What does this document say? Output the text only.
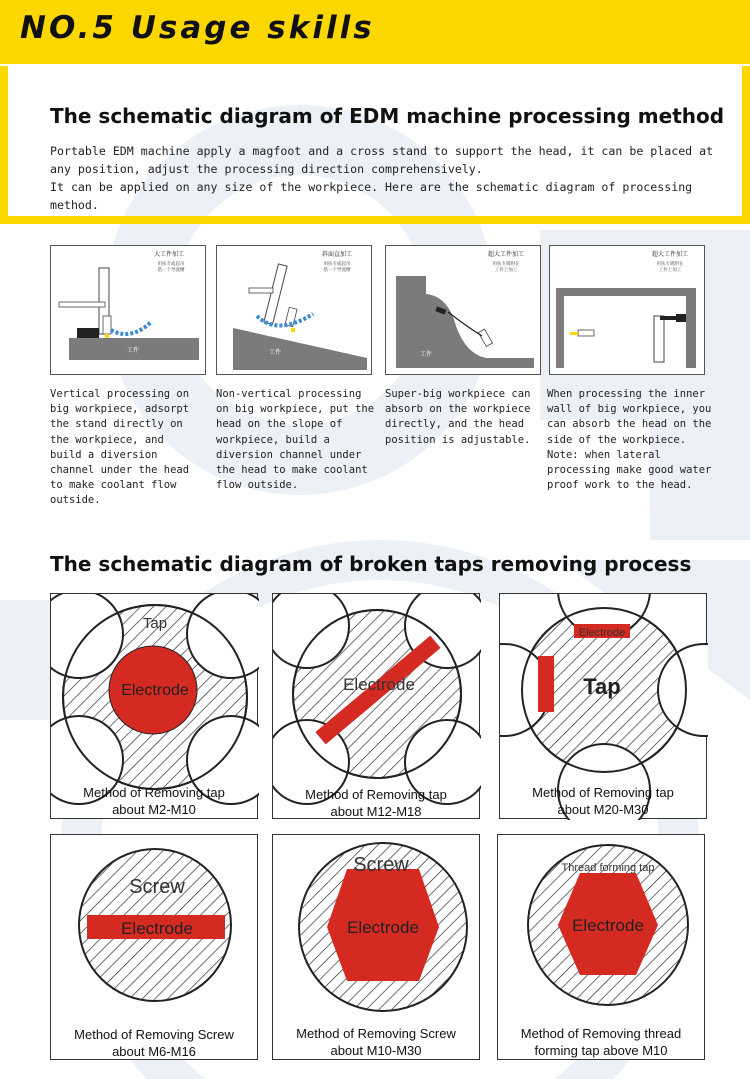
NO.5 Usage skills
The schematic diagram of EDM machine processing method

Portable EDM machine apply a magfoot and a cross stand to support the head, it can be placed at any position, adjust the processing direction comprehensively.

It can be applied on any size of the workpiece. Here are the schematic diagram of processing method.

大工件加工
用扶专或起吊
搭一个导流槽
工件
Vertical processing on
big workpiece, adsorpt
the stand directly on
the workpiece, and
build a diversion
channel under the head
to make coolant flow
outside.
斜面直加工
用扶专或起吊
搭一个导流槽
工件
Non-vertical processing
on big workpiece, put the
head on the slope of
workpiece, build a
diversion channel under
the head to make coolant
flow outside.
超大工件加工
用扶专吸附在
工件上加工
工件
Super-big workpiece can
absorb on the workpiece
directly, and the head
position is adjustable.
超大工件加工
用扶专吸附在
工件上加工
When processing the inner
wall of big workpiece, you
can absorb the head on the
side of the workpiece.
Note: when lateral
processing make good water
proof work to the head.
The schematic diagram of broken taps removing process
Tap
Electrode
Method of Removing tap
about M2-M10
Electrode
Method of Removing tap
about M12-M18
Electrode
Tap
Method of Removing tap
about M20-M30
Screw
Electrode
Method of Removing Screw
about M6-M16
Screw
Electrode
Method of Removing Screw
about M10-M30
Thread forming tap
Electrode
Method of Removing thread
forming tap above M10
